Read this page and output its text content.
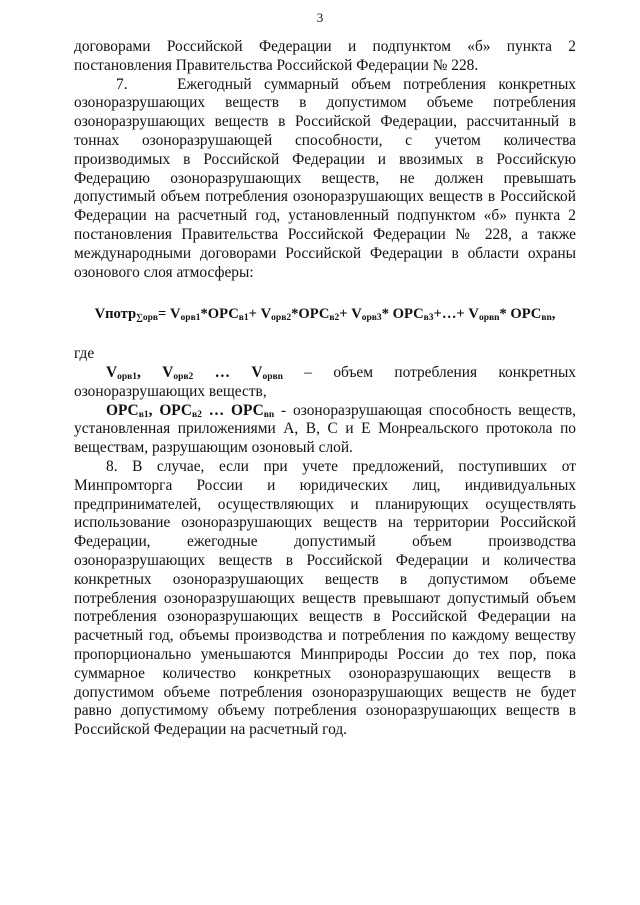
3

договорами Российской Федерации и подпунктом «б» пункта 2 постановления Правительства Российской Федерации № 228.

7.    Ежегодный суммарный объем потребления конкретных озоноразрушающих веществ в допустимом объеме потребления озоноразрушающих веществ в Российской Федерации, рассчитанный в тоннах озоноразрушающей способности, с учетом количества производимых в Российской Федерации и ввозимых в Российскую Федерацию озоноразрушающих веществ, не должен превышать допустимый объем потребления озоноразрушающих веществ в Российской Федерации на расчетный год, установленный подпунктом «б» пункта 2 постановления Правительства Российской Федерации № 228, а также международными договорами Российской Федерации в области охраны озонового слоя атмосферы:

Vпотр$_{\sum орв}$= $V_{орв1}*ОРС_{в1}+ V_{орв2}*ОРС_{в2}+ V_{орв3}*$ $ОРС_{в3}+\dots+ V_{орвn}*$ $ОРС_{вn}$,

где

$V_{орв1}$, $V_{орв2}$ … $V_{орвn}$ – объем потребления конкретных озоноразрушающих веществ,

$ОРС_{в1}$, $ОРС_{в2}$ … $ОРС_{вn}$ - озоноразрушающая способность веществ, установленная приложениями A, B, C и E Монреальского протокола по веществам, разрушающим озоновый слой.

8. В случае, если при учете предложений, поступивших от Минпромторга России и юридических лиц, индивидуальных предпринимателей, осуществляющих и планирующих осуществлять использование озоноразрушающих веществ на территории Российской Федерации, ежегодные допустимый объем производства озоноразрушающих веществ в Российской Федерации и количества конкретных озоноразрушающих веществ в допустимом объеме потребления озоноразрушающих веществ превышают допустимый объем потребления озоноразрушающих веществ в Российской Федерации на расчетный год, объемы производства и потребления по каждому веществу пропорционально уменьшаются Минприроды России до тех пор, пока суммарное количество конкретных озоноразрушающих веществ в допустимом объеме потребления озоноразрушающих веществ не будет равно допустимому объему потребления озоноразрушающих веществ в Российской Федерации на расчетный год.
